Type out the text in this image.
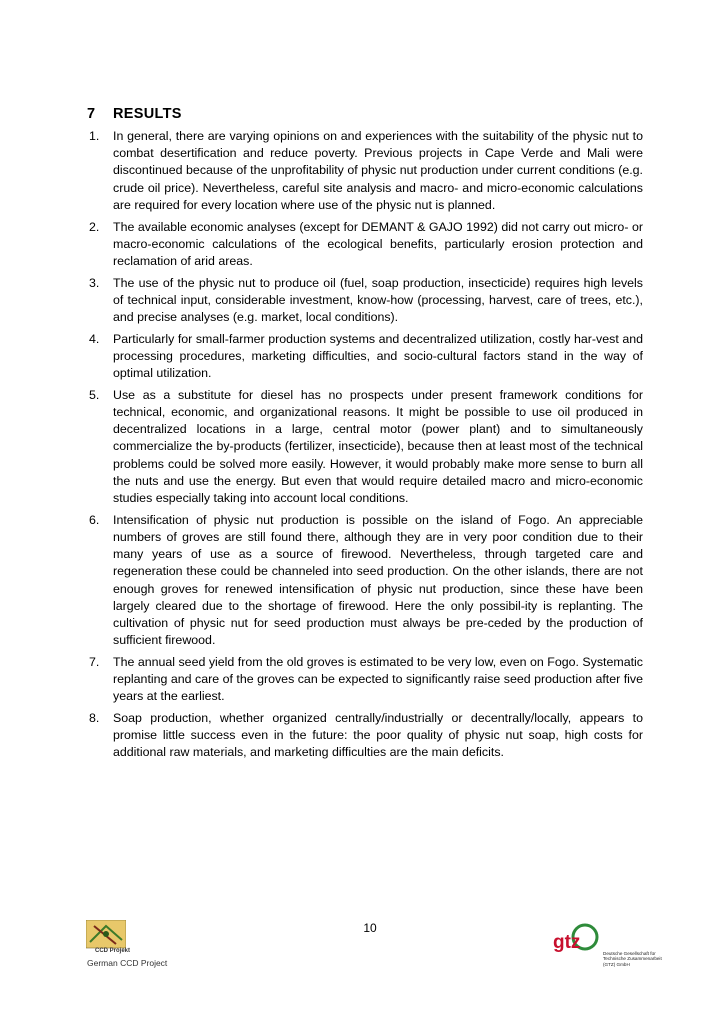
7 RESULTS
1. In general, there are varying opinions on and experiences with the suitability of the physic nut to combat desertification and reduce poverty. Previous projects in Cape Verde and Mali were discontinued because of the unprofitability of physic nut production under current conditions (e.g. crude oil price). Nevertheless, careful site analysis and macro- and micro-economic calculations are required for every location where use of the physic nut is planned.
2. The available economic analyses (except for DEMANT & GAJO 1992) did not carry out micro- or macro-economic calculations of the ecological benefits, particularly erosion protection and reclamation of arid areas.
3. The use of the physic nut to produce oil (fuel, soap production, insecticide) requires high levels of technical input, considerable investment, know-how (processing, harvest, care of trees, etc.), and precise analyses (e.g. market, local conditions).
4. Particularly for small-farmer production systems and decentralized utilization, costly har-vest and processing procedures, marketing difficulties, and socio-cultural factors stand in the way of optimal utilization.
5. Use as a substitute for diesel has no prospects under present framework conditions for technical, economic, and organizational reasons. It might be possible to use oil produced in decentralized locations in a large, central motor (power plant) and to simultaneously commercialize the by-products (fertilizer, insecticide), because then at least most of the technical problems could be solved more easily. However, it would probably make more sense to burn all the nuts and use the energy. But even that would require detailed macro and micro-economic studies especially taking into account local conditions.
6. Intensification of physic nut production is possible on the island of Fogo. An appreciable numbers of groves are still found there, although they are in very poor condition due to their many years of use as a source of firewood. Nevertheless, through targeted care and regeneration these could be channeled into seed production. On the other islands, there are not enough groves for renewed intensification of physic nut production, since these have been largely cleared due to the shortage of firewood. Here the only possibil-ity is replanting. The cultivation of physic nut for seed production must always be pre-ceded by the production of sufficient firewood.
7. The annual seed yield from the old groves is estimated to be very low, even on Fogo. Systematic replanting and care of the groves can be expected to significantly raise seed production after five years at the earliest.
8. Soap production, whether organized centrally/industrially or decentrally/locally, appears to promise little success even in the future: the poor quality of physic nut soap, high costs for additional raw materials, and marketing difficulties are the main deficits.
CCD Projekt
German CCD Project
10
gtz
Deutsche Gesellschaft für
Technische Zusammenarbeit (GTZ) GmbH
